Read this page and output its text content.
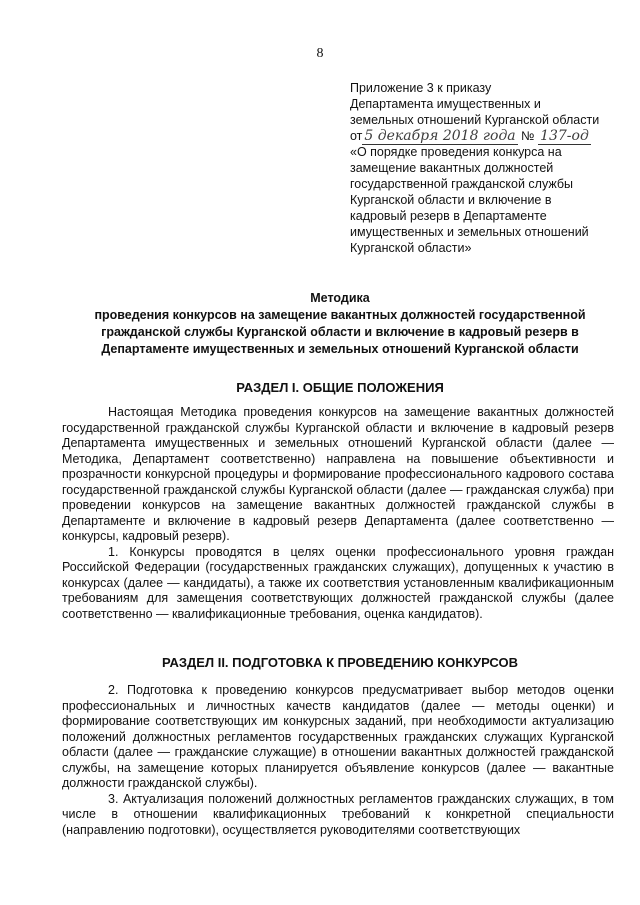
8
Приложение 3 к приказу
Департамента имущественных и
земельных отношений Курганской области
от 5 декабря 2018 года № 137-од
«О порядке проведения конкурса на
замещение вакантных должностей
государственной гражданской службы
Курганской области и включение в
кадровый резерв в Департаменте
имущественных и земельных отношений
Курганской области»
Методика
проведения конкурсов на замещение вакантных должностей государственной
гражданской службы Курганской области и включение в кадровый резерв в
Департаменте имущественных и земельных отношений Курганской области
РАЗДЕЛ I. ОБЩИЕ ПОЛОЖЕНИЯ

Настоящая Методика проведения конкурсов на замещение вакантных должностей государственной гражданской службы Курганской области и включение в кадровый резерв Департамента имущественных и земельных отношений Курганской области (далее — Методика, Департамент соответственно) направлена на повышение объективности и прозрачности конкурсной процедуры и формирование профессионального кадрового состава государственной гражданской службы Курганской области (далее — гражданская служба) при проведении конкурсов на замещение вакантных должностей гражданской службы в Департаменте и включение в кадровый резерв Департамента (далее соответственно — конкурсы, кадровый резерв).

1. Конкурсы проводятся в целях оценки профессионального уровня граждан Российской Федерации (государственных гражданских служащих), допущенных к участию в конкурсах (далее — кандидаты), а также их соответствия установленным квалификационным требованиям для замещения соответствующих должностей гражданской службы (далее соответственно — квалификационные требования, оценка кандидатов).

РАЗДЕЛ II. ПОДГОТОВКА К ПРОВЕДЕНИЮ КОНКУРСОВ

2. Подготовка к проведению конкурсов предусматривает выбор методов оценки профессиональных и личностных качеств кандидатов (далее — методы оценки) и формирование соответствующих им конкурсных заданий, при необходимости актуализацию положений должностных регламентов государственных гражданских служащих Курганской области (далее — гражданские служащие) в отношении вакантных должностей гражданской службы, на замещение которых планируется объявление конкурсов (далее — вакантные должности гражданской службы).

3. Актуализация положений должностных регламентов гражданских служащих, в том числе в отношении квалификационных требований к конкретной специальности (направлению подготовки), осуществляется руководителями соответствующих
